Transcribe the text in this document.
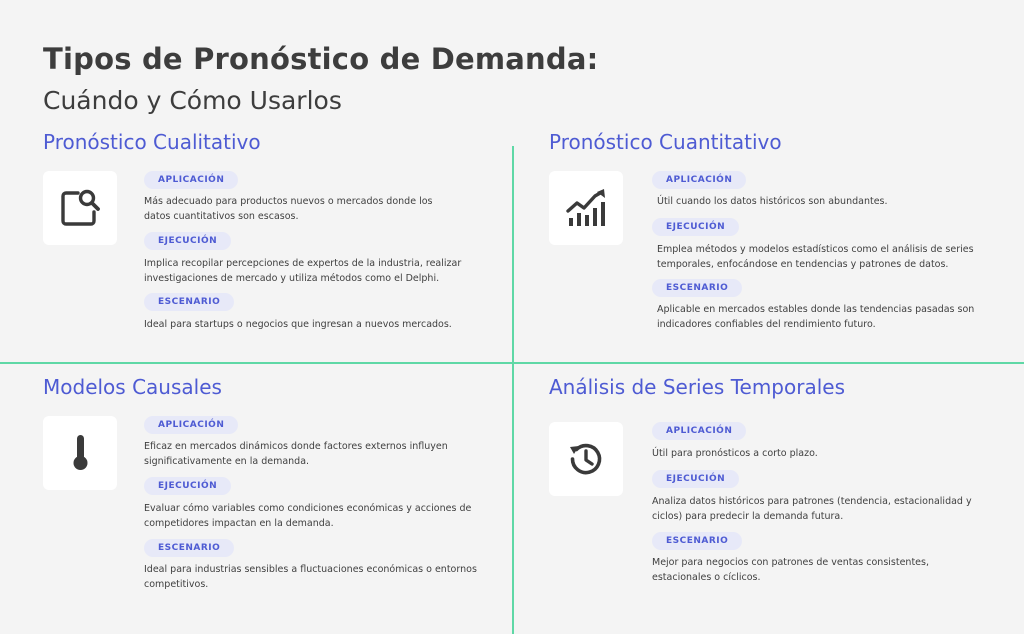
Tipos de Pronóstico de Demanda:
Cuándo y Cómo Usarlos
Pronóstico Cualitativo
APLICACIÓN
Más adecuado para productos nuevos o mercados donde los datos cuantitativos son escasos.
EJECUCIÓN
Implica recopilar percepciones de expertos de la industria, realizar investigaciones de mercado y utiliza métodos como el Delphi.
ESCENARIO
Ideal para startups o negocios que ingresan a nuevos mercados.
Pronóstico Cuantitativo
APLICACIÓN
Útil cuando los datos históricos son abundantes.
EJECUCIÓN
Emplea métodos y modelos estadísticos como el análisis de series temporales, enfocándose en tendencias y patrones de datos.
ESCENARIO
Aplicable en mercados estables donde las tendencias pasadas son indicadores confiables del rendimiento futuro.
Modelos Causales
APLICACIÓN
Eficaz en mercados dinámicos donde factores externos influyen significativamente en la demanda.
EJECUCIÓN
Evaluar cómo variables como condiciones económicas y acciones de competidores impactan en la demanda.
ESCENARIO
Ideal para industrias sensibles a fluctuaciones económicas o entornos competitivos.
Análisis de Series Temporales
APLICACIÓN
Útil para pronósticos a corto plazo.
EJECUCIÓN
Analiza datos históricos para patrones (tendencia, estacionalidad y ciclos) para predecir la demanda futura.
ESCENARIO
Mejor para negocios con patrones de ventas consistentes, estacionales o cíclicos.
